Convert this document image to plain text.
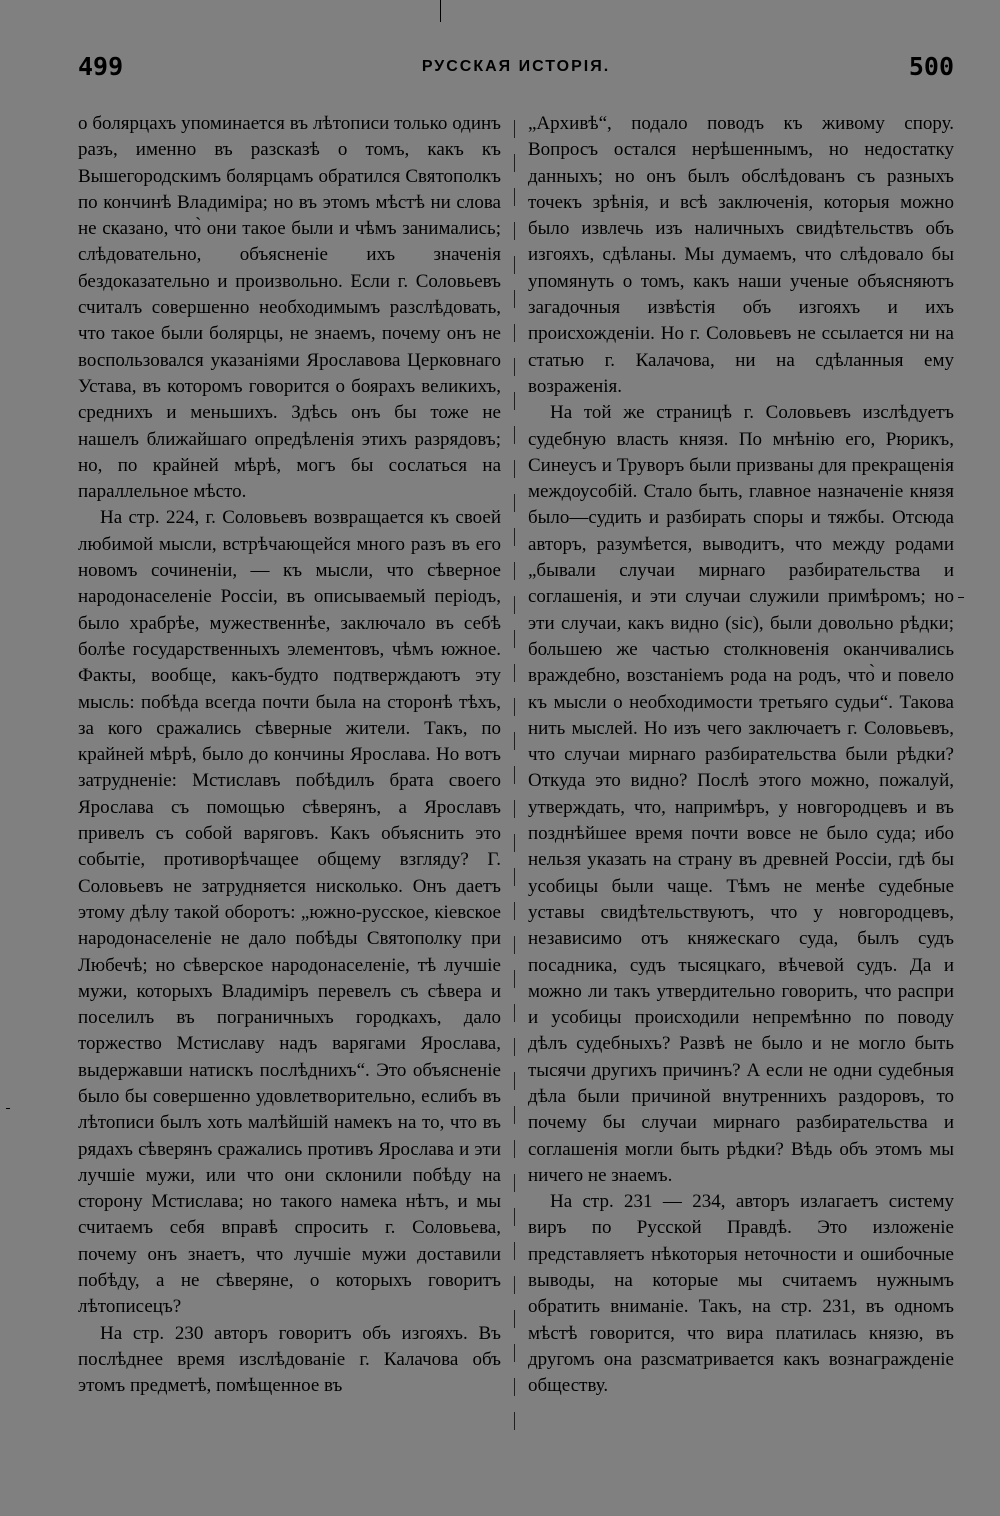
499	РУССКАЯ ИСТОРІЯ.	500

о болярцахъ упоминается въ лѣтописи только одинъ разъ, именно въ разсказѣ о томъ, какъ къ Вышегородскимъ болярцамъ обратился Святополкъ по кончинѣ Владиміра; но въ этомъ мѣстѣ ни слова не сказано, что̀ они такое были и чѣмъ занимались; слѣдовательно, объясненіе ихъ значенія бездоказательно и произвольно. Если г. Соловьевъ считалъ совершенно необходимымъ разслѣдовать, что такое были болярцы, не знаемъ, почему онъ не воспользовался указаніями Ярославова Церковнаго Устава, въ которомъ говорится о боярахъ великихъ, среднихъ и меньшихъ. Здѣсь онъ бы тоже не нашелъ ближайшаго опредѣленія этихъ разрядовъ; но, по крайней мѣрѣ, могъ бы сослаться на параллельное мѣсто.

На стр. 224, г. Соловьевъ возвращается къ своей любимой мысли, встрѣчающейся много разъ въ его новомъ сочиненіи, — къ мысли, что сѣверное народонаселеніе Россіи, въ описываемый періодъ, было храбрѣе, мужественнѣе, заключало въ себѣ болѣе государственныхъ элементовъ, чѣмъ южное. Факты, вообще, какъ-будто подтверждаютъ эту мысль: побѣда всегда почти была на сторонѣ тѣхъ, за кого сражались сѣверные жители. Такъ, по крайней мѣрѣ, было до кончины Ярослава. Но вотъ затрудненіе: Мстиславъ побѣдилъ брата своего Ярослава съ помощью сѣверянъ, а Ярославъ привелъ съ собой варяговъ. Какъ объяснить это событіе, противорѣчащее общему взгляду? Г. Соловьевъ не затрудняется нисколько. Онъ даетъ этому дѣлу такой оборотъ: „южно-русское, кіевское народонаселеніе не дало побѣды Святополку при Любечѣ; но сѣверское народонаселеніе, тѣ лучшіе мужи, которыхъ Владиміръ перевелъ съ сѣвера и поселилъ въ пограничныхъ городкахъ, дало торжество Мстиславу надъ варягами Ярослава, выдержавши натискъ послѣднихъ“. Это объясненіе было бы совершенно удовлетворительно, еслибъ въ лѣтописи былъ хоть малѣйшій намекъ на то, что въ рядахъ сѣверянъ сражались противъ Ярослава и эти лучшіе мужи, или что они склонили побѣду на сторону Мстислава; но такого намека нѣтъ, и мы считаемъ себя вправѣ спросить г. Соловьева, почему онъ знаетъ, что лучшіе мужи доставили побѣду, а не сѣверяне, о которыхъ говоритъ лѣтописецъ?

На стр. 230 авторъ говоритъ объ изгояхъ. Въ послѣднее время изслѣдованіе г. Калачова объ этомъ предметѣ, помѣщенное въ

„Архивѣ“, подало поводъ къ живому спору. Вопросъ остался нерѣшеннымъ, но недостатку данныхъ; но онъ былъ обслѣдованъ съ разныхъ точекъ зрѣнія, и всѣ заключенія, которыя можно было извлечь изъ наличныхъ свидѣтельствъ объ изгояхъ, сдѣланы. Мы думаемъ, что слѣдовало бы упомянуть о томъ, какъ наши ученые объясняютъ загадочныя извѣстія объ изгояхъ и ихъ происхожденіи. Но г. Соловьевъ не ссылается ни на статью г. Калачова, ни на сдѣланныя ему возраженія.

На той же страницѣ г. Соловьевъ изслѣдуетъ судебную власть князя. По мнѣнію его, Рюрикъ, Синеусъ и Труворъ были призваны для прекращенія междоусобій. Стало быть, главное назначеніе князя было—судить и разбирать споры и тяжбы. Отсюда авторъ, разумѣется, выводитъ, что между родами „бывали случаи мирнаго разбирательства и соглашенія, и эти случаи служили примѣромъ; но эти случаи, какъ видно (sic), были довольно рѣдки; большею же частью столкновенія оканчивались враждебно, возстаніемъ рода на родъ, что̀ и повело къ мысли о необходимости третьяго судьи“. Такова нить мыслей. Но изъ чего заключаетъ г. Соловьевъ, что случаи мирнаго разбирательства были рѣдки? Откуда это видно? Послѣ этого можно, пожалуй, утверждать, что, напримѣръ, у новгородцевъ и въ позднѣйшее время почти вовсе не было суда; ибо нельзя указать на страну въ древней Россіи, гдѣ бы усобицы были чаще. Тѣмъ не менѣе судебные уставы свидѣтельствуютъ, что у новгородцевъ, независимо отъ княжескаго суда, былъ судъ посадника, судъ тысяцкаго, вѣчевой судъ. Да и можно ли такъ утвердительно говорить, что распри и усобицы происходили непремѣнно по поводу дѣлъ судебныхъ? Развѣ не было и не могло быть тысячи другихъ причинъ? А если не одни судебныя дѣла были причиной внутреннихъ раздоровъ, то почему бы случаи мирнаго разбирательства и соглашенія могли быть рѣдки? Вѣдь объ этомъ мы ничего не знаемъ.

На стр. 231 — 234, авторъ излагаетъ систему виръ по Русской Правдѣ. Это изложеніе представляетъ нѣкоторыя неточности и ошибочные выводы, на которые мы считаемъ нужнымъ обратить вниманіе. Такъ, на стр. 231, въ одномъ мѣстѣ говорится, что вира платилась князю, въ другомъ она разсматривается какъ вознагражденіе обществу.
